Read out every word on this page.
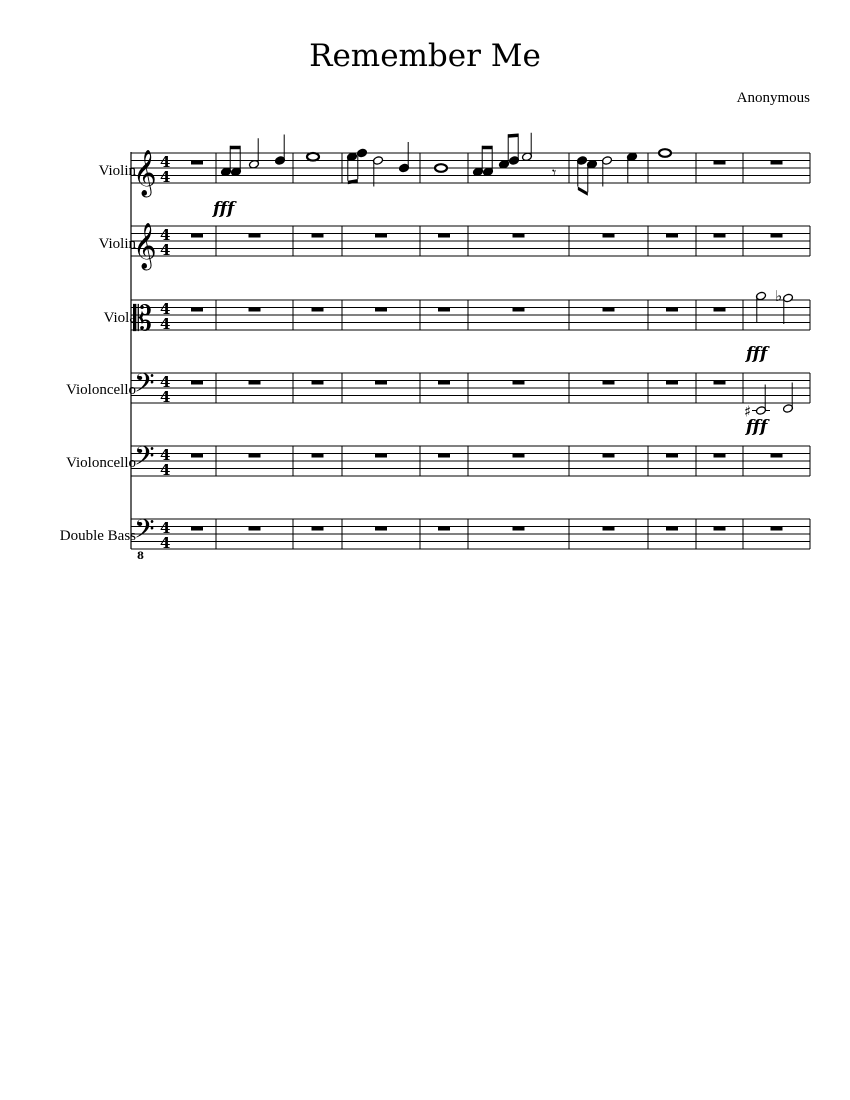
Remember Me
Anonymous
Violin
Violin
Viola
Violoncello
Violoncello
Double Bass
𝄞 4
4
𝄞 4
4
𝄡 4
4
𝄢 4
4
𝄢 4
4
𝄢 4
4
fff
fff
fff
8
𝄾
♭
♯
